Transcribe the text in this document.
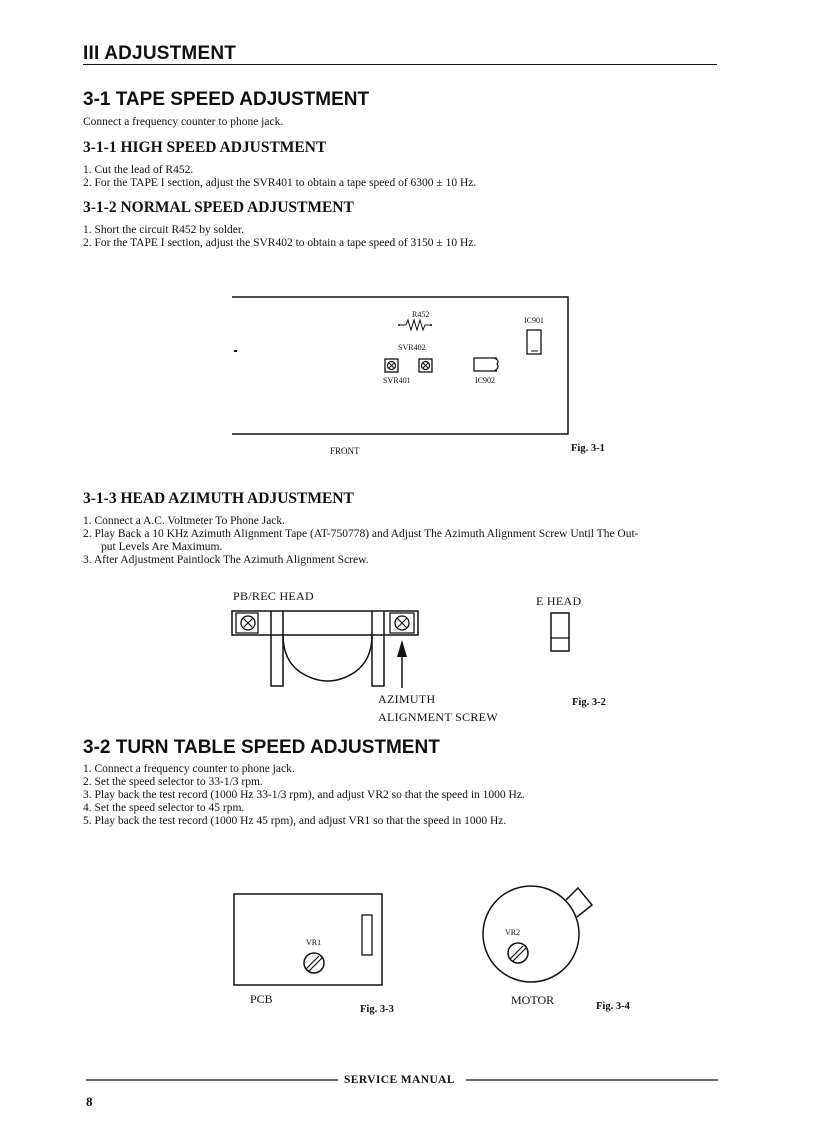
III ADJUSTMENT
3-1 TAPE SPEED ADJUSTMENT
Connect a frequency counter to phone jack.
3-1-1 HIGH SPEED ADJUSTMENT
1. Cut the lead of R452.
2. For the TAPE I section, adjust the SVR401 to obtain a tape speed of 6300 ± 10 Hz.
3-1-2 NORMAL SPEED ADJUSTMENT
1. Short the circuit R452 by solder.
2. For the TAPE I section, adjust the SVR402 to obtain a tape speed of 3150 ± 10 Hz.
R452
IC901
SVR402
SVR401	IC902
FRONT	Fig. 3-1
3-1-3 HEAD AZIMUTH ADJUSTMENT
1. Connect a A.C. Voltmeter To Phone Jack.
2. Play Back a 10 KHz Azimuth Alignment Tape (AT-750778) and Adjust The Azimuth Alignment Screw Until The Out-
put Levels Are Maximum.
3. After Adjustment Paintlock The Azimuth Alignment Screw.
PB/REC HEAD	E HEAD
AZIMUTH
ALIGNMENT SCREW
Fig. 3-2
3-2 TURN TABLE SPEED ADJUSTMENT
1. Connect a frequency counter to phone jack.
2. Set the speed selector to 33-1/3 rpm.
3. Play back the test record (1000 Hz 33-1/3 rpm), and adjust VR2 so that the speed in 1000 Hz.
4. Set the speed selector to 45 rpm.
5. Play back the test record (1000 Hz 45 rpm), and adjust VR1 so that the speed in 1000 Hz.
VR1
PCB
Fig. 3-3
VR2
MOTOR	Fig. 3-4
SERVICE MANUAL
8
